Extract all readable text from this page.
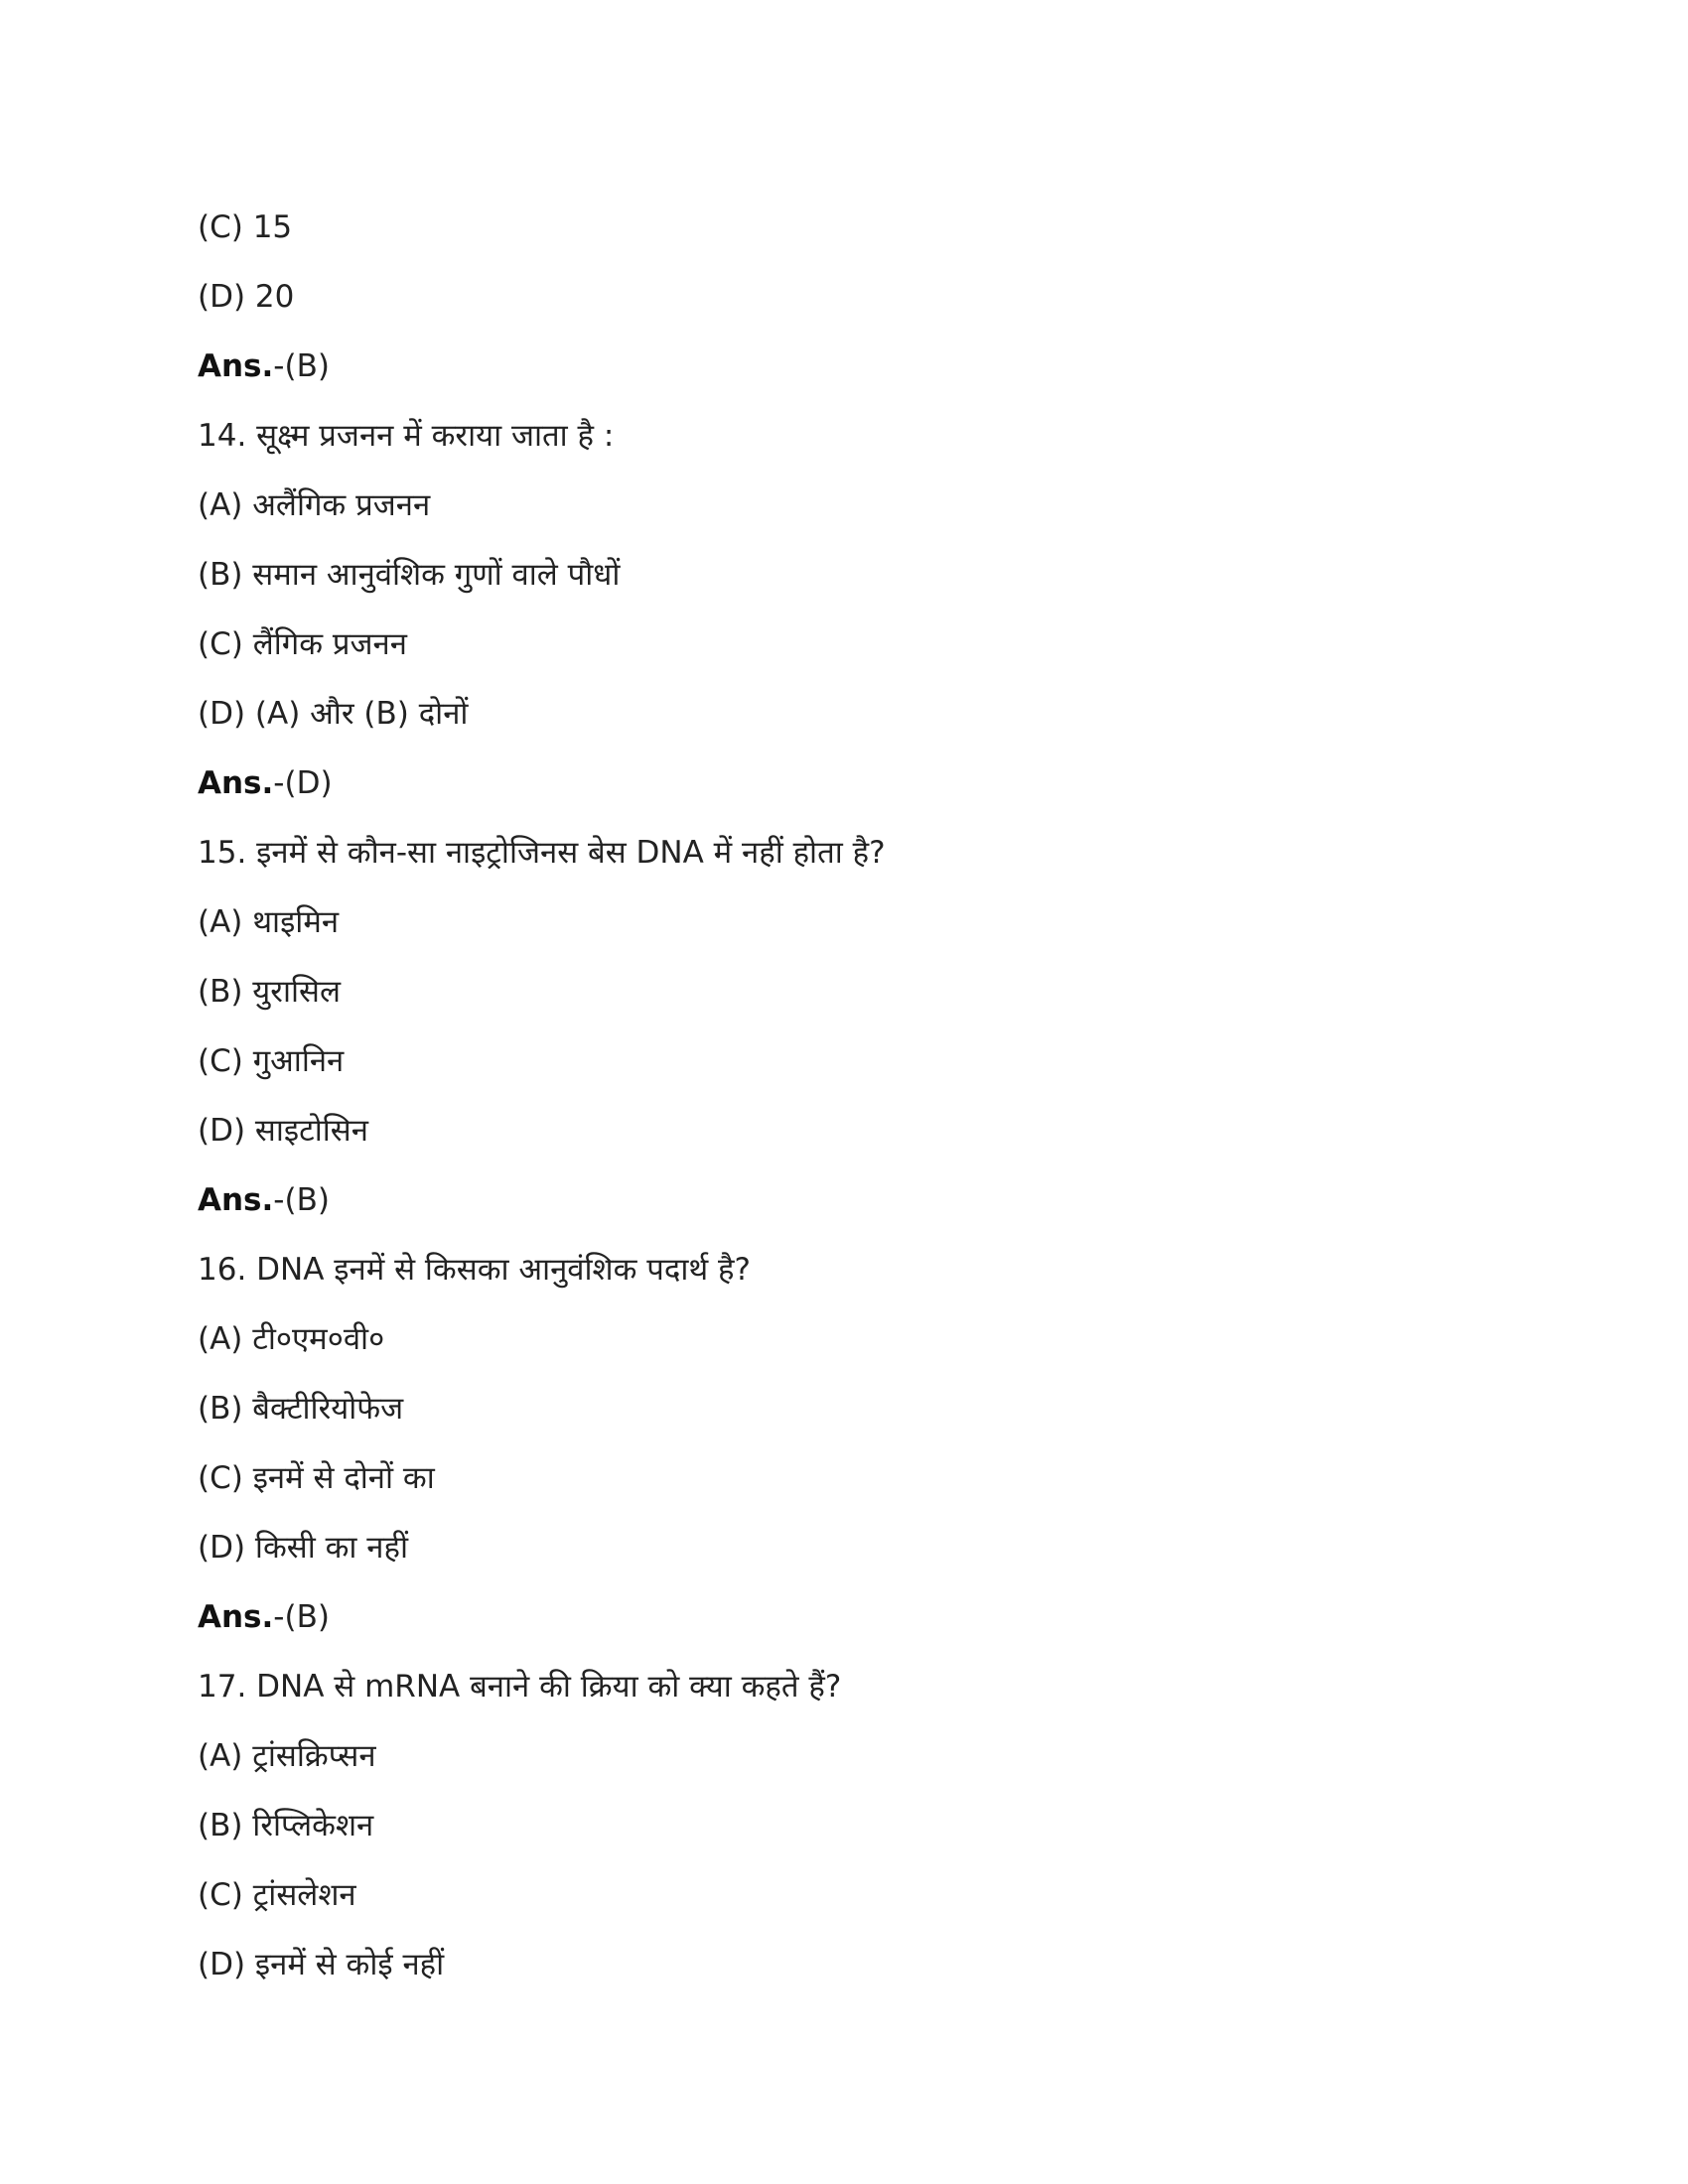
(C) 15
(D) 20
Ans.-(B)
14. सूक्ष्म प्रजनन में कराया जाता है :
(A) अलैंगिक प्रजनन
(B) समान आनुवंशिक गुणों वाले पौधों
(C) लैंगिक प्रजनन
(D) (A) और (B) दोनों
Ans.-(D)
15. इनमें से कौन-सा नाइट्रोजिनस बेस DNA में नहीं होता है?
(A) थाइमिन
(B) युरासिल
(C) गुआनिन
(D) साइटोसिन
Ans.-(B)
16. DNA इनमें से किसका आनुवंशिक पदार्थ है?
(A) टी०एम०वी०
(B) बैक्टीरियोफेज
(C) इनमें से दोनों का
(D) किसी का नहीं
Ans.-(B)
17. DNA से mRNA बनाने की क्रिया को क्या कहते हैं?
(A) ट्रांसक्रिप्सन
(B) रिप्लिकेशन
(C) ट्रांसलेशन
(D) इनमें से कोई नहीं
